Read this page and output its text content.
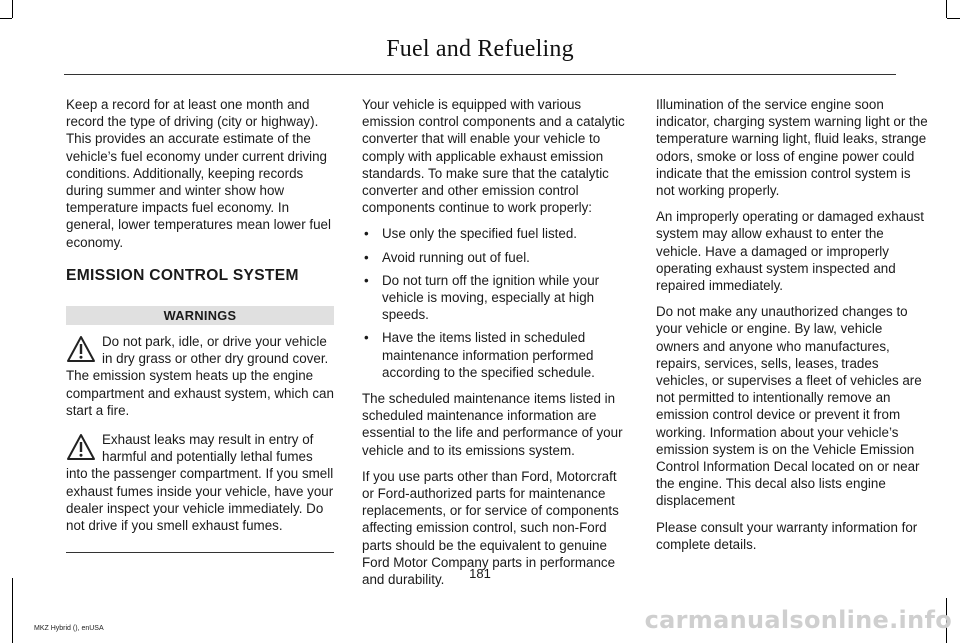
Fuel and Refueling

Keep a record for at least one month and record the type of driving (city or highway). This provides an accurate estimate of the vehicle’s fuel economy under current driving conditions. Additionally, keeping records during summer and winter show how temperature impacts fuel economy. In general, lower temperatures mean lower fuel economy.

EMISSION CONTROL SYSTEM
WARNINGS
Do not park, idle, or drive your vehicle in dry grass or other dry ground cover. The emission system heats up the engine compartment and exhaust system, which can start a fire.
Exhaust leaks may result in entry of harmful and potentially lethal fumes into the passenger compartment. If you smell exhaust fumes inside your vehicle, have your dealer inspect your vehicle immediately. Do not drive if you smell exhaust fumes.

Your vehicle is equipped with various emission control components and a catalytic converter that will enable your vehicle to comply with applicable exhaust emission standards. To make sure that the catalytic converter and other emission control components continue to work properly:

• Use only the specified fuel listed.
• Avoid running out of fuel.
• Do not turn off the ignition while your vehicle is moving, especially at high speeds.
• Have the items listed in scheduled maintenance information performed according to the specified schedule.

The scheduled maintenance items listed in scheduled maintenance information are essential to the life and performance of your vehicle and to its emissions system.

If you use parts other than Ford, Motorcraft or Ford-authorized parts for maintenance replacements, or for service of components affecting emission control, such non-Ford parts should be the equivalent to genuine Ford Motor Company parts in performance and durability.

Illumination of the service engine soon indicator, charging system warning light or the temperature warning light, fluid leaks, strange odors, smoke or loss of engine power could indicate that the emission control system is not working properly.

An improperly operating or damaged exhaust system may allow exhaust to enter the vehicle. Have a damaged or improperly operating exhaust system inspected and repaired immediately.

Do not make any unauthorized changes to your vehicle or engine. By law, vehicle owners and anyone who manufactures, repairs, services, sells, leases, trades vehicles, or supervises a fleet of vehicles are not permitted to intentionally remove an emission control device or prevent it from working. Information about your vehicle’s emission system is on the Vehicle Emission Control Information Decal located on or near the engine. This decal also lists engine displacement

Please consult your warranty information for complete details.

181
MKZ Hybrid (), enUSA	carmanualsonline.info
